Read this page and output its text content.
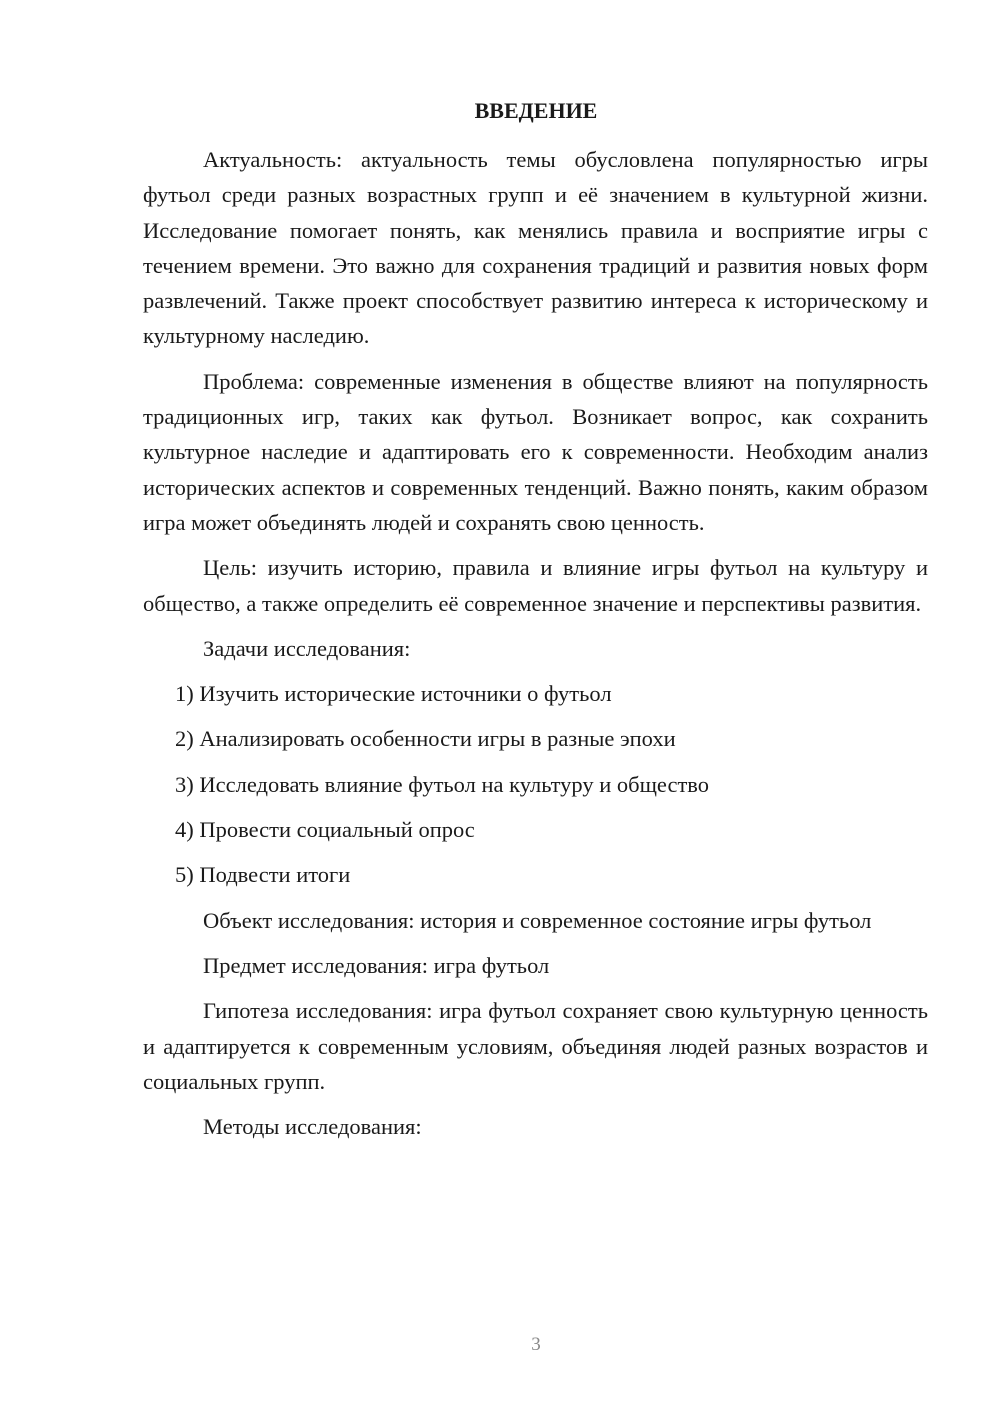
ВВЕДЕНИЕ

Актуальность: актуальность темы обусловлена популярностью игры футьол среди разных возрастных групп и её значением в культурной жизни. Исследование помогает понять, как менялись правила и восприятие игры с течением времени. Это важно для сохранения традиций и развития новых форм развлечений. Также проект способствует развитию интереса к историческому и культурному наследию.

Проблема: современные изменения в обществе влияют на популярность традиционных игр, таких как футьол. Возникает вопрос, как сохранить культурное наследие и адаптировать его к современности. Необходим анализ исторических аспектов и современных тенденций. Важно понять, каким образом игра может объединять людей и сохранять свою ценность.

Цель: изучить историю, правила и влияние игры футьол на культуру и общество, а также определить её современное значение и перспективы развития.

Задачи исследования:

1) Изучить исторические источники о футьол
2) Анализировать особенности игры в разные эпохи
3) Исследовать влияние футьол на культуру и общество
4) Провести социальный опрос
5) Подвести итоги

Объект исследования: история и современное состояние игры футьол

Предмет исследования: игра футьол

Гипотеза исследования: игра футьол сохраняет свою культурную ценность и адаптируется к современным условиям, объединяя людей разных возрастов и социальных групп.

Методы исследования:

3
